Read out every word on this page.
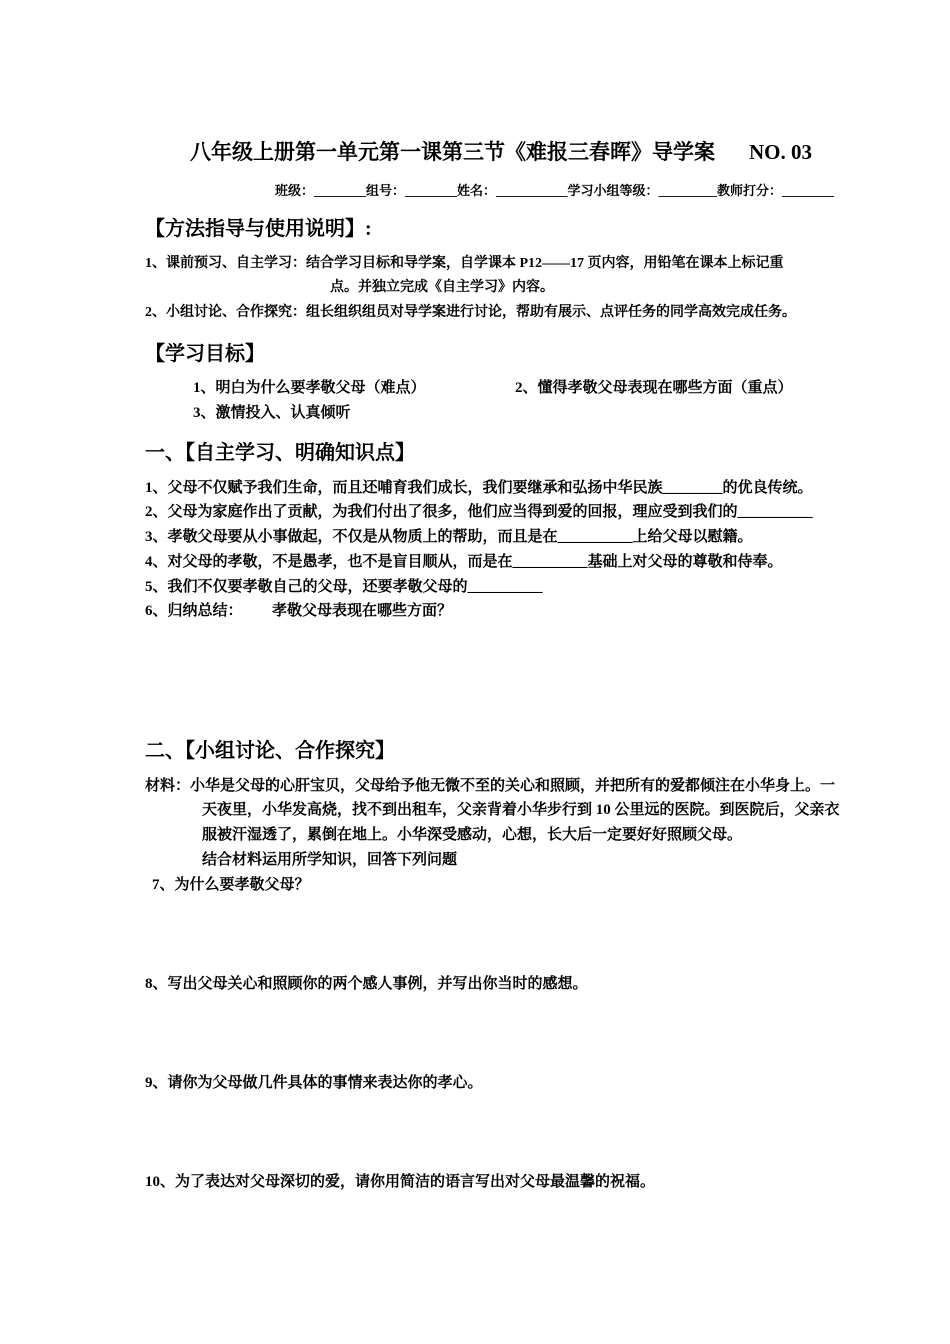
八年级上册第一单元第一课第三节《难报三春晖》导学案 NO. 03
班级：________组号：________姓名：___________学习小组等级：_________教师打分：________
【方法指导与使用说明】:
1、课前预习、自主学习：结合学习目标和导学案，自学课本 P12——17 页内容，用铅笔在课本上标记重
点。并独立完成《自主学习》内容。
2、小组讨论、合作探究：组长组织组员对导学案进行讨论，帮助有展示、点评任务的同学高效完成任务。
【学习目标】
1、明白为什么要孝敬父母（难点）	2、懂得孝敬父母表现在哪些方面（重点）
3、激情投入、认真倾听
一、【自主学习、明确知识点】
1、父母不仅赋予我们生命，而且还哺育我们成长，我们要继承和弘扬中华民族________的优良传统。
2、父母为家庭作出了贡献，为我们付出了很多，他们应当得到爱的回报，理应受到我们的__________
3、孝敬父母要从小事做起，不仅是从物质上的帮助，而且是在__________上给父母以慰籍。
4、对父母的孝敬，不是愚孝，也不是盲目顺从，而是在__________基础上对父母的尊敬和侍奉。
5、我们不仅要孝敬自己的父母，还要孝敬父母的__________
6、归纳总结： 孝敬父母表现在哪些方面？
二、【小组讨论、合作探究】
材料：小华是父母的心肝宝贝，父母给予他无微不至的关心和照顾，并把所有的爱都倾注在小华身上。一
天夜里，小华发高烧，找不到出租车，父亲背着小华步行到 10 公里远的医院。到医院后，父亲衣
服被汗湿透了，累倒在地上。小华深受感动，心想，长大后一定要好好照顾父母。
结合材料运用所学知识，回答下列问题
7、为什么要孝敬父母？
8、写出父母关心和照顾你的两个感人事例，并写出你当时的感想。
9、请你为父母做几件具体的事情来表达你的孝心。
10、为了表达对父母深切的爱，请你用简洁的语言写出对父母最温馨的祝福。
